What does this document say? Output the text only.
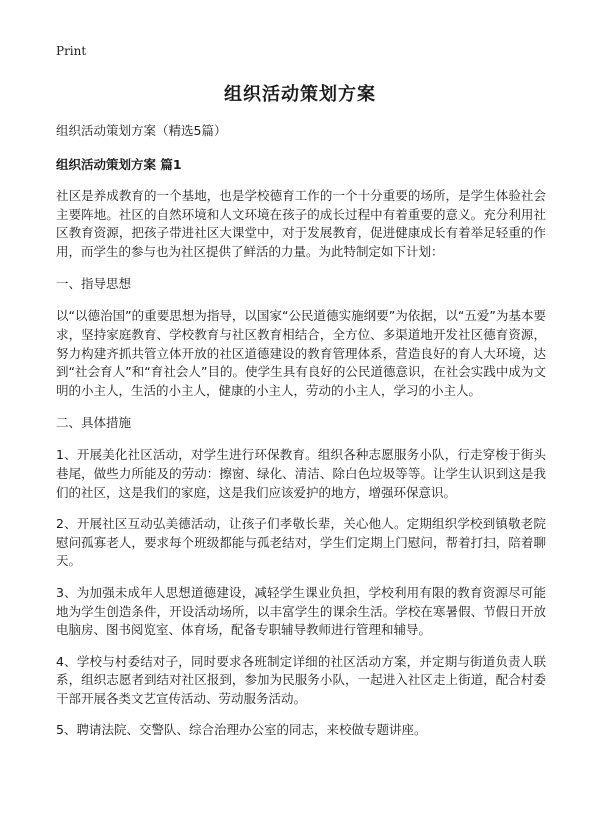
Print
组织活动策划方案

组织活动策划方案（精选5篇）

组织活动策划方案 篇1

社区是养成教育的一个基地，也是学校德育工作的一个十分重要的场所，是学生体验社会主要阵地。社区的自然环境和人文环境在孩子的成长过程中有着重要的意义。充分利用社区教育资源，把孩子带进社区大课堂中，对于发展教育，促进健康成长有着举足轻重的作用，而学生的参与也为社区提供了鲜活的力量。为此特制定如下计划：

一、指导思想

以“以德治国”的重要思想为指导，以国家“公民道德实施纲要”为依据，以“五爱”为基本要求，坚持家庭教育、学校教育与社区教育相结合，全方位、多渠道地开发社区德育资源，努力构建齐抓共管立体开放的社区道德建设的教育管理体系，营造良好的育人大环境，达到“社会育人”和“育社会人”目的。使学生具有良好的公民道德意识，在社会实践中成为文明的小主人，生活的小主人，健康的小主人，劳动的小主人，学习的小主人。

二、具体措施

1、开展美化社区活动，对学生进行环保教育。组织各种志愿服务小队，行走穿梭于街头巷尾，做些力所能及的劳动：擦窗、绿化、清洁、除白色垃圾等等。让学生认识到这是我们的社区，这是我们的家庭，这是我们应该爱护的地方，增强环保意识。

2、开展社区互动弘美德活动，让孩子们孝敬长辈，关心他人。定期组织学校到镇敬老院慰问孤寡老人，要求每个班级都能与孤老结对，学生们定期上门慰问，帮着打扫，陪着聊天。

3、为加强未成年人思想道德建设，减轻学生课业负担，学校利用有限的教育资源尽可能地为学生创造条件，开设活动场所，以丰富学生的课余生活。学校在寒暑假、节假日开放电脑房、图书阅览室、体育场，配备专职辅导教师进行管理和辅导。

4、学校与村委结对子，同时要求各班制定详细的社区活动方案，并定期与街道负责人联系，组织志愿者到结对社区报到，参加为民服务小队，一起进入社区走上街道，配合村委干部开展各类文艺宣传活动、劳动服务活动。

5、聘请法院、交警队、综合治理办公室的同志，来校做专题讲座。
